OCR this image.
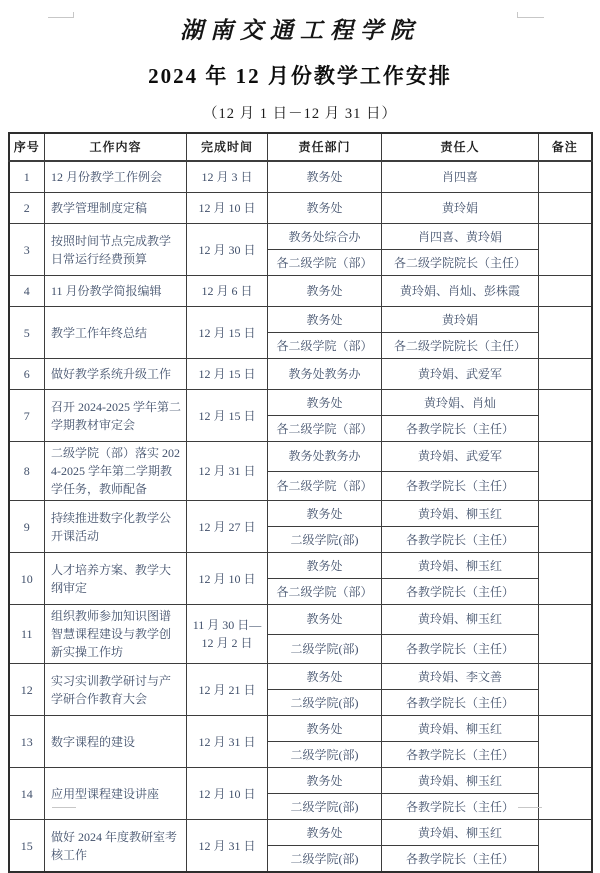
湖南交通工程学院
2024 年 12 月份教学工作安排
（12 月 1 日－12 月 31 日）
序号	工作内容	完成时间	责任部门	责任人	备注
1	12 月份教学工作例会	12 月 3 日	教务处	肖四喜	
2	教学管理制度定稿	12 月 10 日	教务处	黄玲娟	
3	按照时间节点完成教学日常运行经费预算	12 月 30 日	教务处综合办	肖四喜、黄玲娟	
			各二级学院（部）	各二级学院院长（主任）	
4	11 月份教学简报编辑	12 月 6 日	教务处	黄玲娟、肖灿、彭株霞	
5	教学工作年终总结	12 月 15 日	教务处	黄玲娟	
			各二级学院（部）	各二级学院院长（主任）	
6	做好教学系统升级工作	12 月 15 日	教务处教务办	黄玲娟、武爱军	
7	召开 2024-2025 学年第二学期教材审定会	12 月 15 日	教务处	黄玲娟、肖灿	
			各二级学院（部）	各教学院长（主任）	
8	二级学院（部）落实 2024-2025 学年第二学期教学任务，教师配备	12 月 31 日	教务处教务办	黄玲娟、武爱军	
			各二级学院（部）	各教学院长（主任）	
9	持续推进数字化教学公开课活动	12 月 27 日	教务处	黄玲娟、柳玉红	
			二级学院(部)	各教学院长（主任）	
10	人才培养方案、教学大纲审定	12 月 10 日	教务处	黄玲娟、柳玉红	
			各二级学院（部）	各教学院长（主任）	
11	组织教师参加知识图谱智慧课程建设与教学创新实操工作坊	11 月 30 日—12 月 2 日	教务处	黄玲娟、柳玉红	
			二级学院(部)	各教学院长（主任）	
12	实习实训教学研讨与产学研合作教育大会	12 月 21 日	教务处	黄玲娟、李文善	
			二级学院(部)	各教学院长（主任）	
13	数字课程的建设	12 月 31 日	教务处	黄玲娟、柳玉红	
			二级学院(部)	各教学院长（主任）	
14	应用型课程建设讲座	12 月 10 日	教务处	黄玲娟、柳玉红	
			二级学院(部)	各教学院长（主任）	
15	做好 2024 年度教研室考核工作	12 月 31 日	教务处	黄玲娟、柳玉红	
			二级学院(部)	各教学院长（主任）	
